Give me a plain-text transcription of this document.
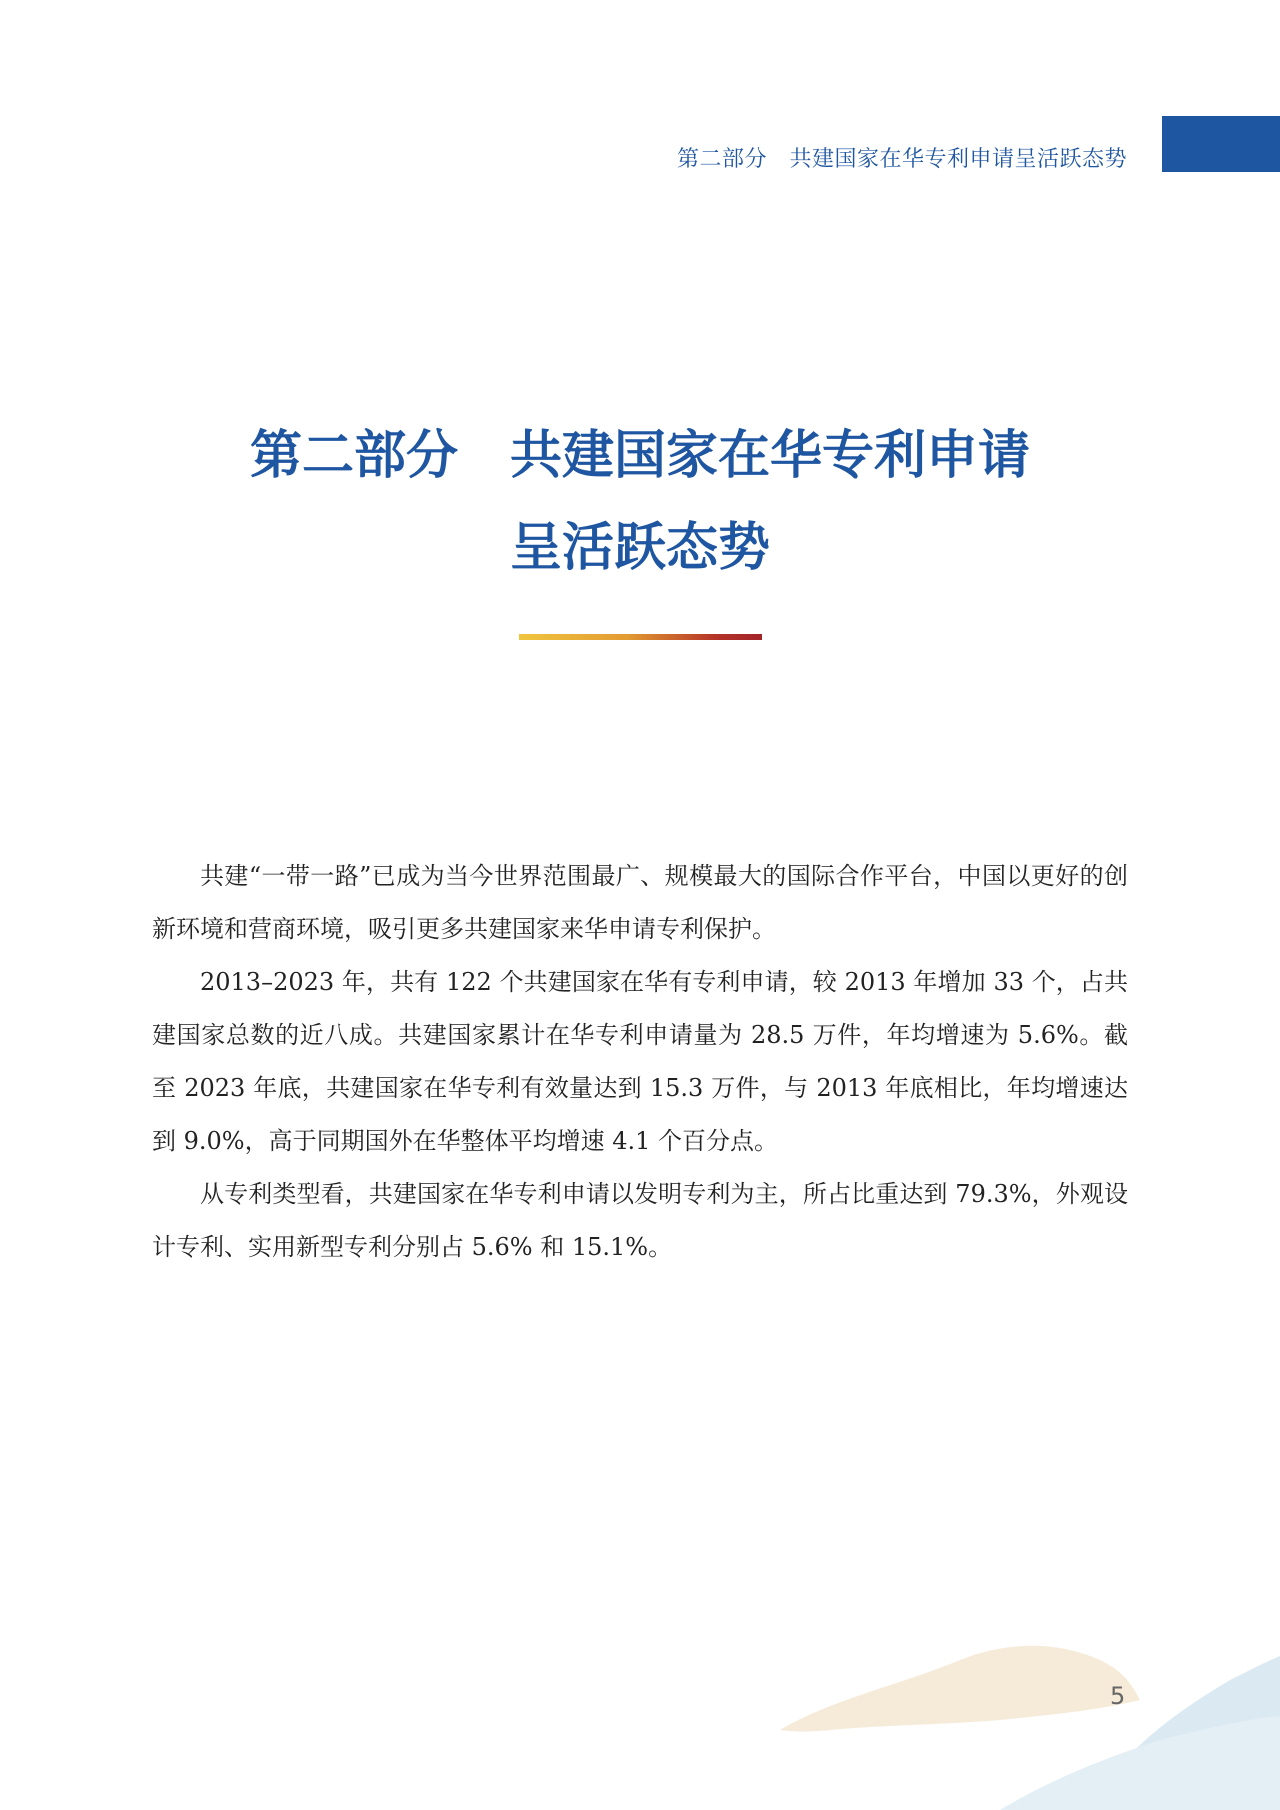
第二部分　共建国家在华专利申请呈活跃态势
第二部分　共建国家在华专利申请
呈活跃态势

共建“一带一路”已成为当今世界范围最广、规模最大的国际合作平台，中国以更好的创新环境和营商环境，吸引更多共建国家来华申请专利保护。

2013–2023 年，共有 122 个共建国家在华有专利申请，较 2013 年增加 33 个，占共建国家总数的近八成。共建国家累计在华专利申请量为 28.5 万件，年均增速为 5.6%。截至 2023 年底，共建国家在华专利有效量达到 15.3 万件，与 2013 年底相比，年均增速达到 9.0%，高于同期国外在华整体平均增速 4.1 个百分点。

从专利类型看，共建国家在华专利申请以发明专利为主，所占比重达到 79.3%，外观设计专利、实用新型专利分别占 5.6% 和 15.1%。

5
